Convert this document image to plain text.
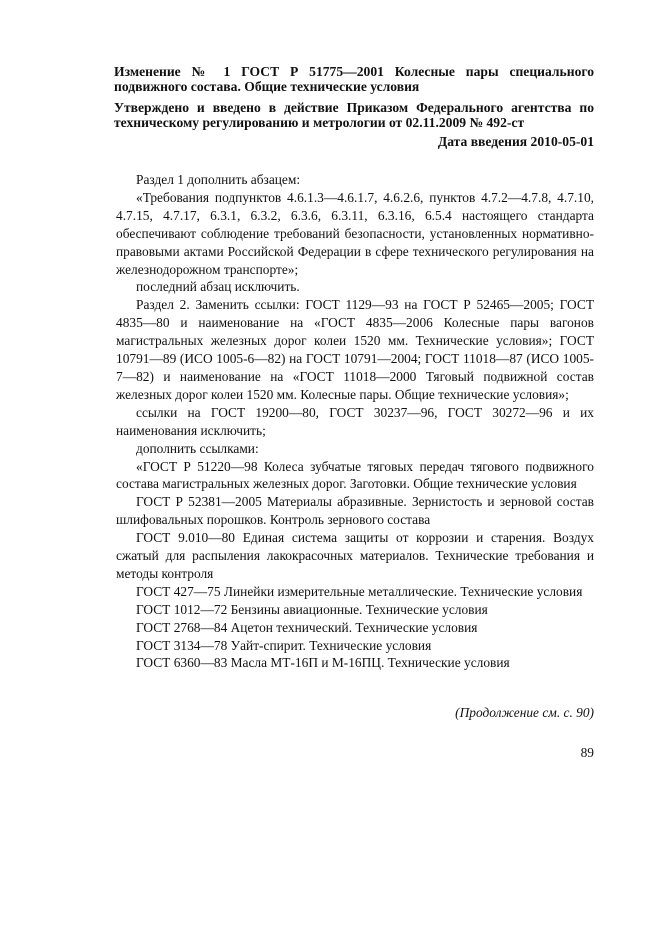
Изменение № 1 ГОСТ Р 51775—2001 Колесные пары специального подвижного состава. Общие технические условия

Утверждено и введено в действие Приказом Федерального агентства по техническому регулированию и метрологии от 02.11.2009 № 492-ст

Дата введения 2010-05-01

Раздел 1 дополнить абзацем:

«Требования подпунктов 4.6.1.3—4.6.1.7, 4.6.2.6, пунктов 4.7.2—4.7.8, 4.7.10, 4.7.15, 4.7.17, 6.3.1, 6.3.2, 6.3.6, 6.3.11, 6.3.16, 6.5.4 настоящего стандарта обеспечивают соблюдение требований безопасности, установленных нормативно-правовыми актами Российской Федерации в сфере технического регулирования на железнодорожном транспорте»;

последний абзац исключить.

Раздел 2. Заменить ссылки: ГОСТ 1129—93 на ГОСТ Р 52465—2005; ГОСТ 4835—80 и наименование на «ГОСТ 4835—2006 Колесные пары вагонов магистральных железных дорог колеи 1520 мм. Технические условия»; ГОСТ 10791—89 (ИСО 1005-6—82) на ГОСТ 10791—2004; ГОСТ 11018—87 (ИСО 1005-7—82) и наименование на «ГОСТ 11018—2000 Тяговый подвижной состав железных дорог колеи 1520 мм. Колесные пары. Общие технические условия»;

ссылки на ГОСТ 19200—80, ГОСТ 30237—96, ГОСТ 30272—96 и их наименования исключить;

дополнить ссылками:

«ГОСТ Р 51220—98 Колеса зубчатые тяговых передач тягового подвижного состава магистральных железных дорог. Заготовки. Общие технические условия

ГОСТ Р 52381—2005 Материалы абразивные. Зернистость и зерновой состав шлифовальных порошков. Контроль зернового состава

ГОСТ 9.010—80 Единая система защиты от коррозии и старения. Воздух сжатый для распыления лакокрасочных материалов. Технические требования и методы контроля

ГОСТ 427—75 Линейки измерительные металлические. Технические условия

ГОСТ 1012—72 Бензины авиационные. Технические условия

ГОСТ 2768—84 Ацетон технический. Технические условия

ГОСТ 3134—78 Уайт-спирит. Технические условия

ГОСТ 6360—83 Масла МТ-16П и М-16ПЦ. Технические условия

(Продолжение см. с. 90)
89
